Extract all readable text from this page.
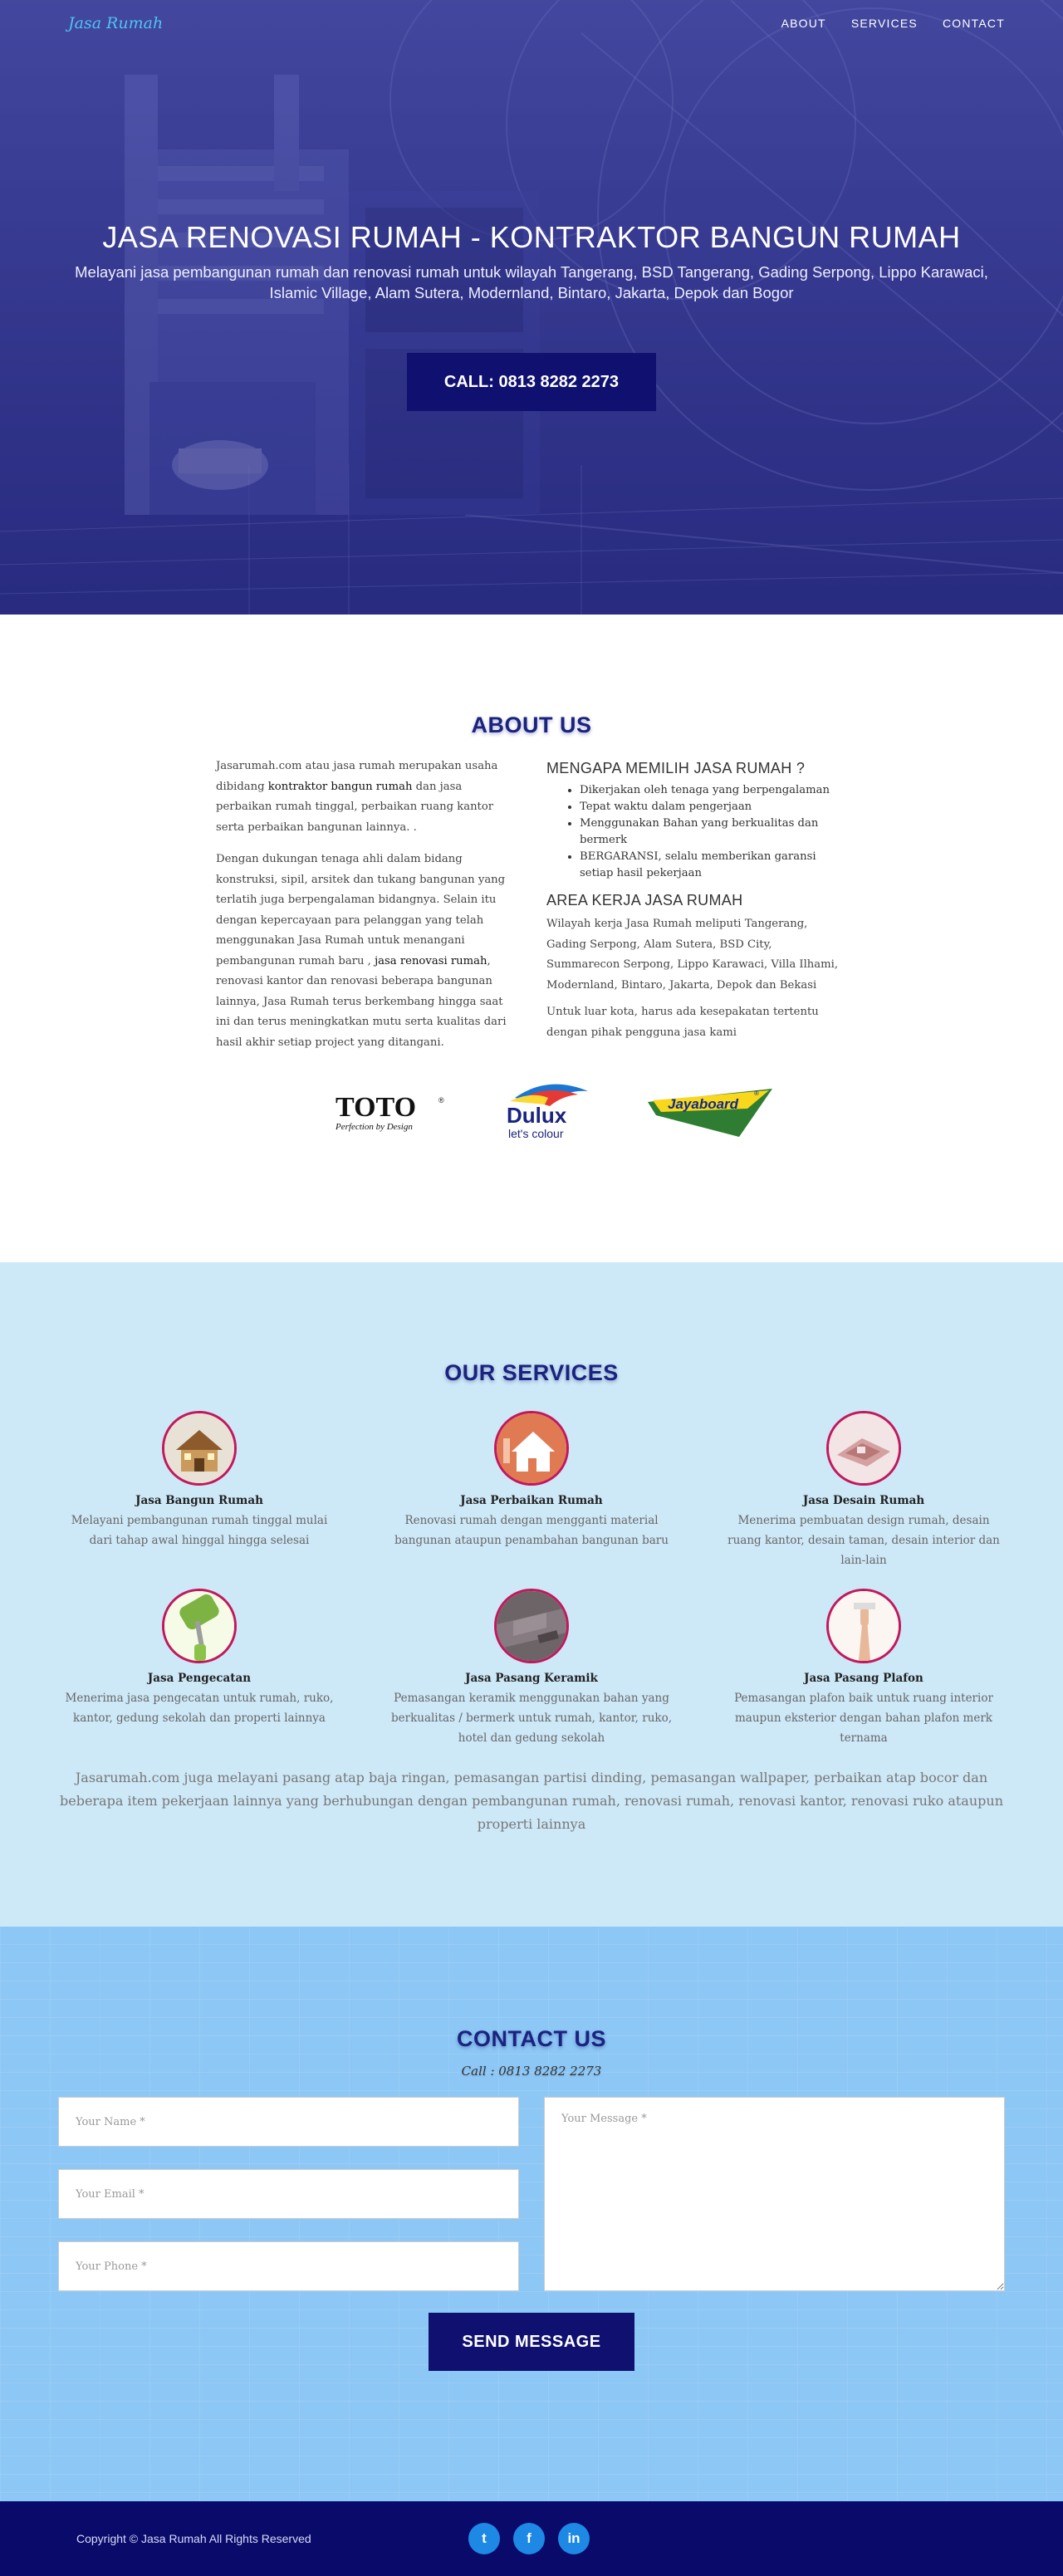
Jasa Rumah	ABOUT SERVICES CONTACT
JASA RENOVASI RUMAH - KONTRAKTOR BANGUN RUMAH

Melayani jasa pembangunan rumah dan renovasi rumah untuk wilayah Tangerang, BSD Tangerang, Gading Serpong, Lippo Karawaci, Islamic Village, Alam Sutera, Modernland, Bintaro, Jakarta, Depok dan Bogor

CALL: 0813 8282 2273
ABOUT US

Jasarumah.com atau jasa rumah merupakan usaha dibidang kontraktor bangun rumah dan jasa perbaikan rumah tinggal, perbaikan ruang kantor serta perbaikan bangunan lainnya. .

Dengan dukungan tenaga ahli dalam bidang konstruksi, sipil, arsitek dan tukang bangunan yang terlatih juga berpengalaman bidangnya. Selain itu dengan kepercayaan para pelanggan yang telah menggunakan Jasa Rumah untuk menangani pembangunan rumah baru , jasa renovasi rumah, renovasi kantor dan renovasi beberapa bangunan lainnya, Jasa Rumah terus berkembang hingga saat ini dan terus meningkatkan mutu serta kualitas dari hasil akhir setiap project yang ditangani.

MENGAPA MEMILIH JASA RUMAH ?
• Dikerjakan oleh tenaga yang berpengalaman
• Tepat waktu dalam pengerjaan
• Menggunakan Bahan yang berkualitas dan bermerk
• BERGARANSI, selalu memberikan garansi setiap hasil pekerjaan
AREA KERJA JASA RUMAH

Wilayah kerja Jasa Rumah meliputi Tangerang, Gading Serpong, Alam Sutera, BSD City, Summarecon Serpong, Lippo Karawaci, Villa Ilhami, Modernland, Bintaro, Jakarta, Depok dan Bekasi

Untuk luar kota, harus ada kesepakatan tertentu dengan pihak pengguna jasa kami

TOTO	®
Perfection by Design	Dulux
let's colour
Jayaboard
®
OUR SERVICES
Jasa Bangun Rumah
Melayani pembangunan rumah tinggal mulai dari tahap awal hinggal hingga selesai
Jasa Perbaikan Rumah
Renovasi rumah dengan mengganti material bangunan ataupun penambahan bangunan baru
Jasa Desain Rumah
Menerima pembuatan design rumah, desain ruang kantor, desain taman, desain interior dan lain-lain
Jasa Pengecatan
Menerima jasa pengecatan untuk rumah, ruko, kantor, gedung sekolah dan properti lainnya
Jasa Pasang Keramik
Pemasangan keramik menggunakan bahan yang berkualitas / bermerk untuk rumah, kantor, ruko, hotel dan gedung sekolah
Jasa Pasang Plafon
Pemasangan plafon baik untuk ruang interior maupun eksterior dengan bahan plafon merk ternama

Jasarumah.com juga melayani pasang atap baja ringan, pemasangan partisi dinding, pemasangan wallpaper, perbaikan atap bocor dan beberapa item pekerjaan lainnya yang berhubungan dengan pembangunan rumah, renovasi rumah, renovasi kantor, renovasi ruko ataupun properti lainnya

CONTACT US

Call : 0813 8282 2273

Your Name *
Your Email *
Your Phone *
Your Message *
SEND MESSAGE
Copyright © Jasa Rumah All Rights Reserved	t	f	in
